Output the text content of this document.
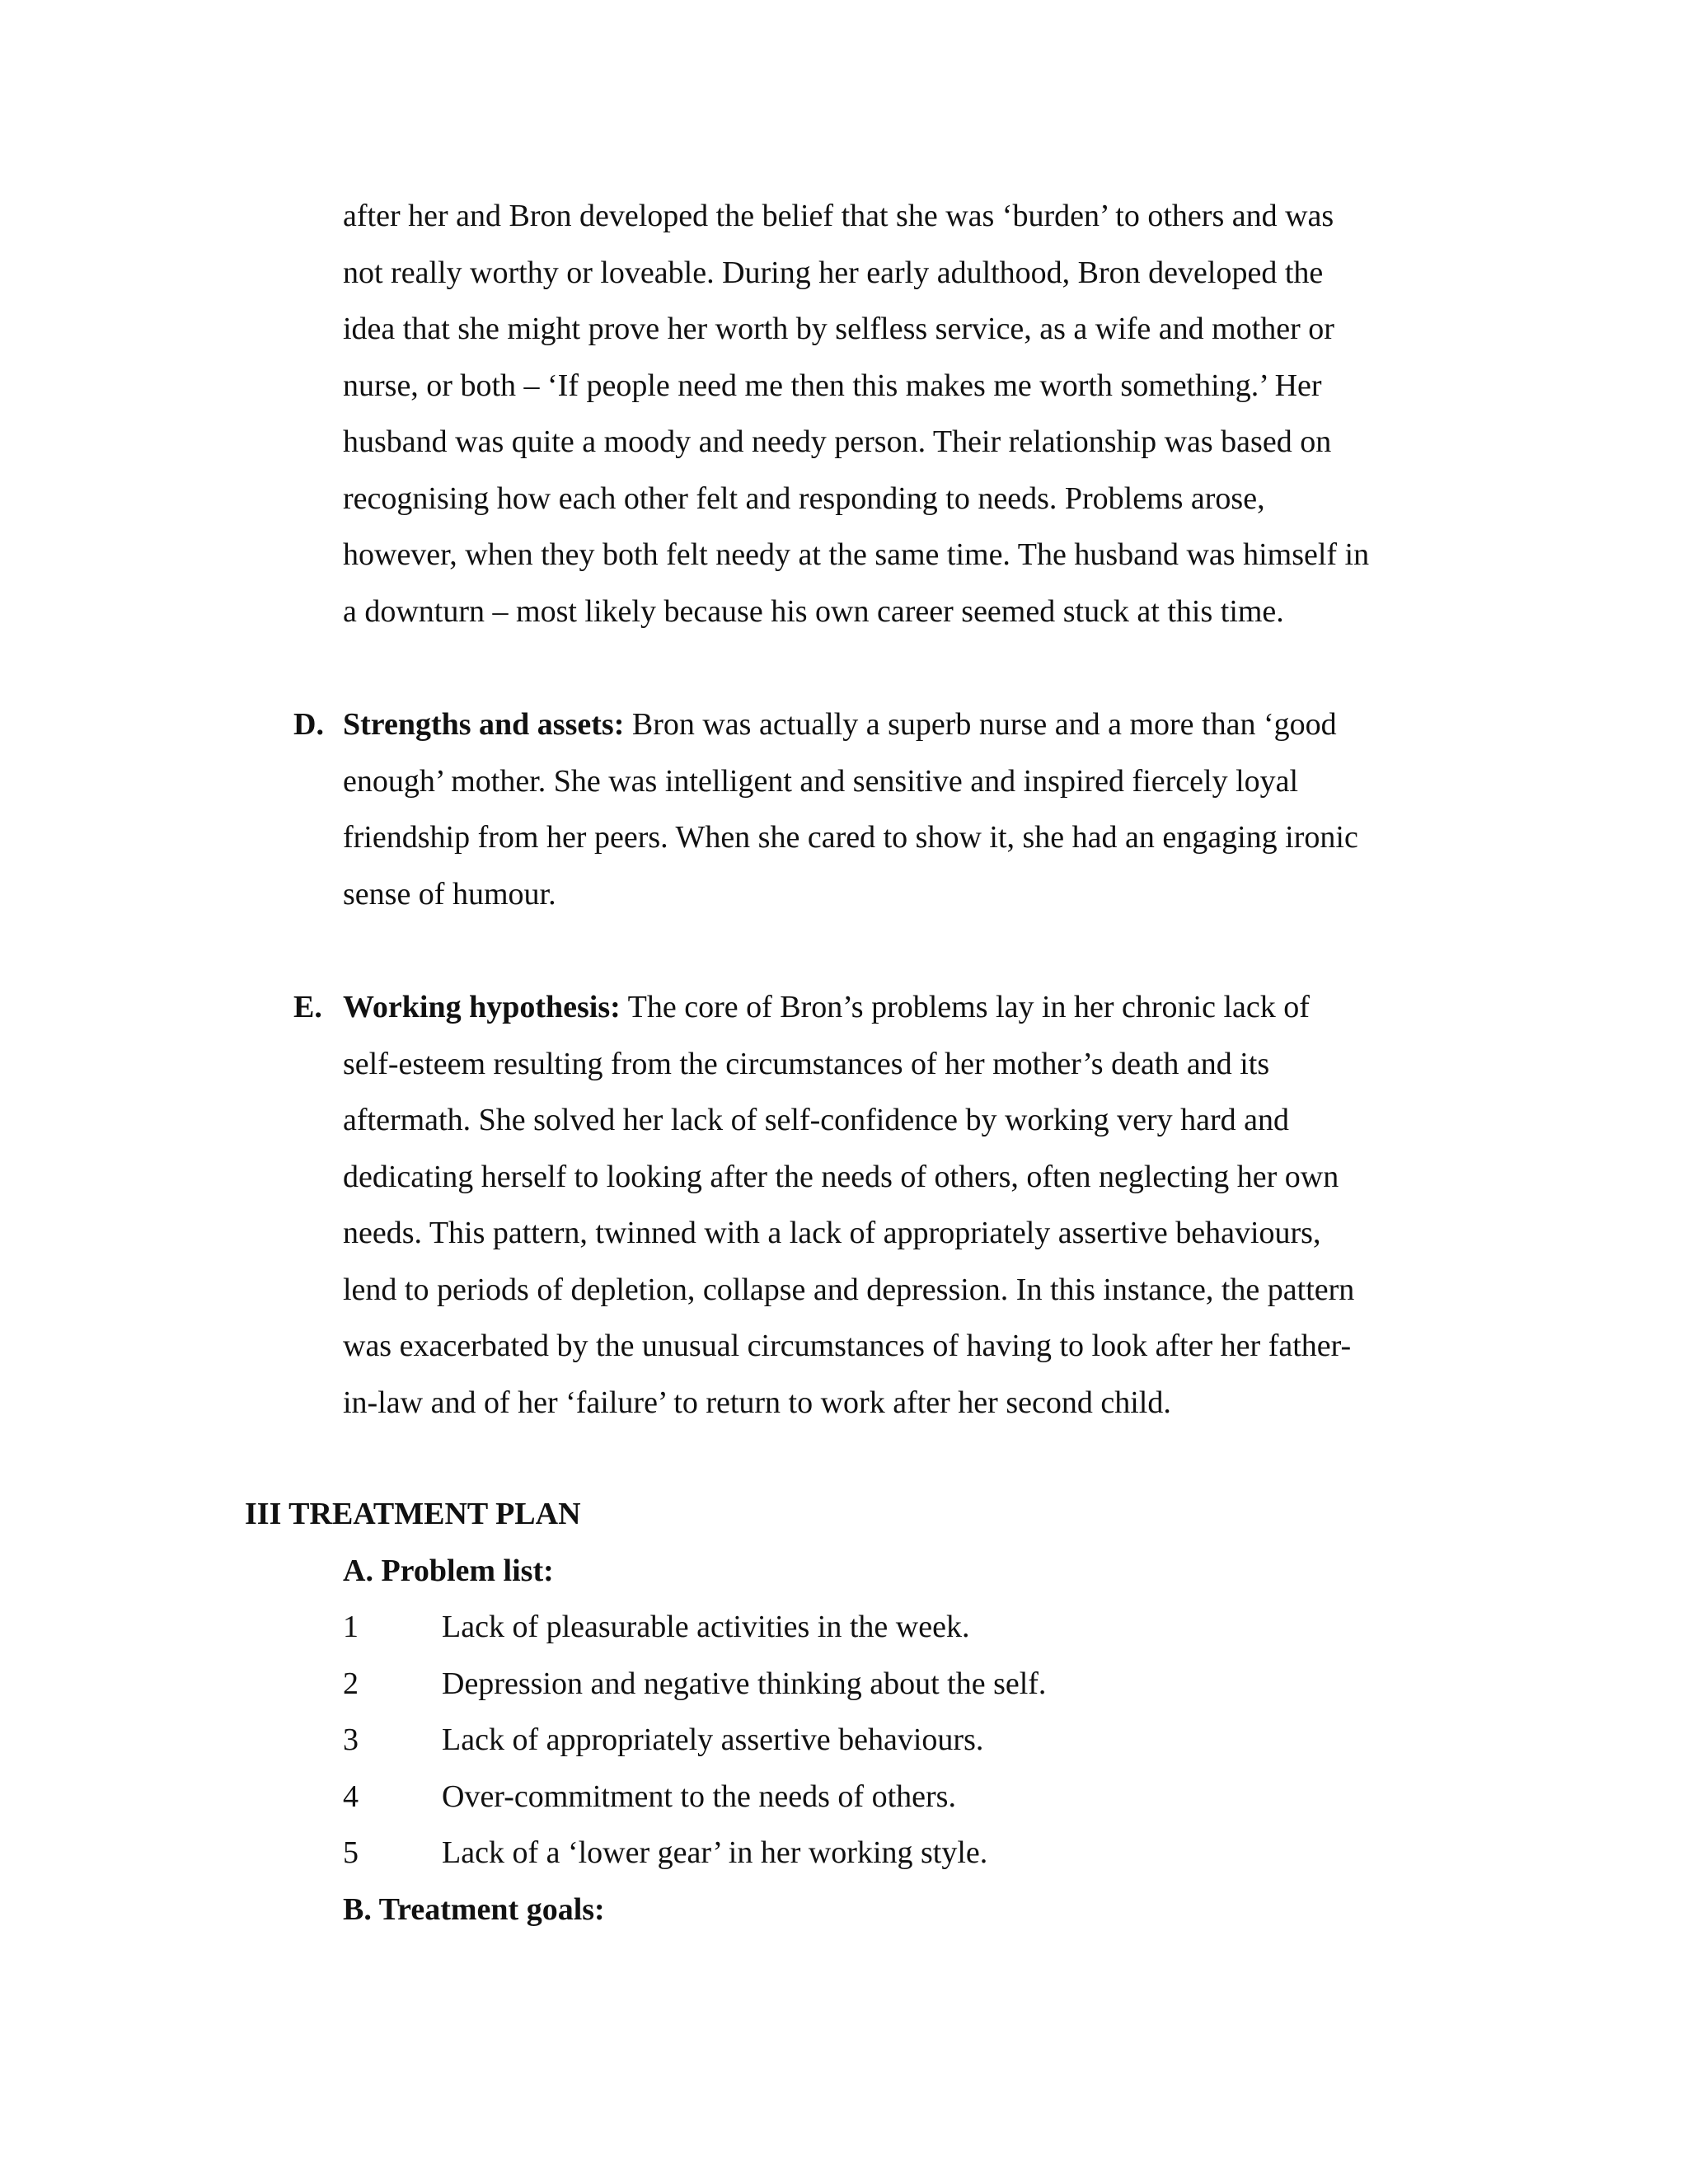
after her and Bron developed the belief that she was ‘burden’ to others and was
not really worthy or loveable. During her early adulthood, Bron developed the
idea that she might prove her worth by selfless service, as a wife and mother or
nurse, or both – ‘If people need me then this makes me worth something.’ Her
husband was quite a moody and needy person. Their relationship was based on
recognising how each other felt and responding to needs. Problems arose,
however, when they both felt needy at the same time. The husband was himself in
a downturn – most likely because his own career seemed stuck at this time.
D. Strengths and assets: Bron was actually a superb nurse and a more than ‘good
enough’ mother. She was intelligent and sensitive and inspired fiercely loyal
friendship from her peers. When she cared to show it, she had an engaging ironic
sense of humour.
E. Working hypothesis: The core of Bron’s problems lay in her chronic lack of
self-esteem resulting from the circumstances of her mother’s death and its
aftermath. She solved her lack of self-confidence by working very hard and
dedicating herself to looking after the needs of others, often neglecting her own
needs. This pattern, twinned with a lack of appropriately assertive behaviours,
lend to periods of depletion, collapse and depression. In this instance, the pattern
was exacerbated by the unusual circumstances of having to look after her father-
in-law and of her ‘failure’ to return to work after her second child.
III TREATMENT PLAN
A. Problem list:
1	Lack of pleasurable activities in the week.
2	Depression and negative thinking about the self.
3	Lack of appropriately assertive behaviours.
4	Over-commitment to the needs of others.
5	Lack of a ‘lower gear’ in her working style.
B. Treatment goals:
